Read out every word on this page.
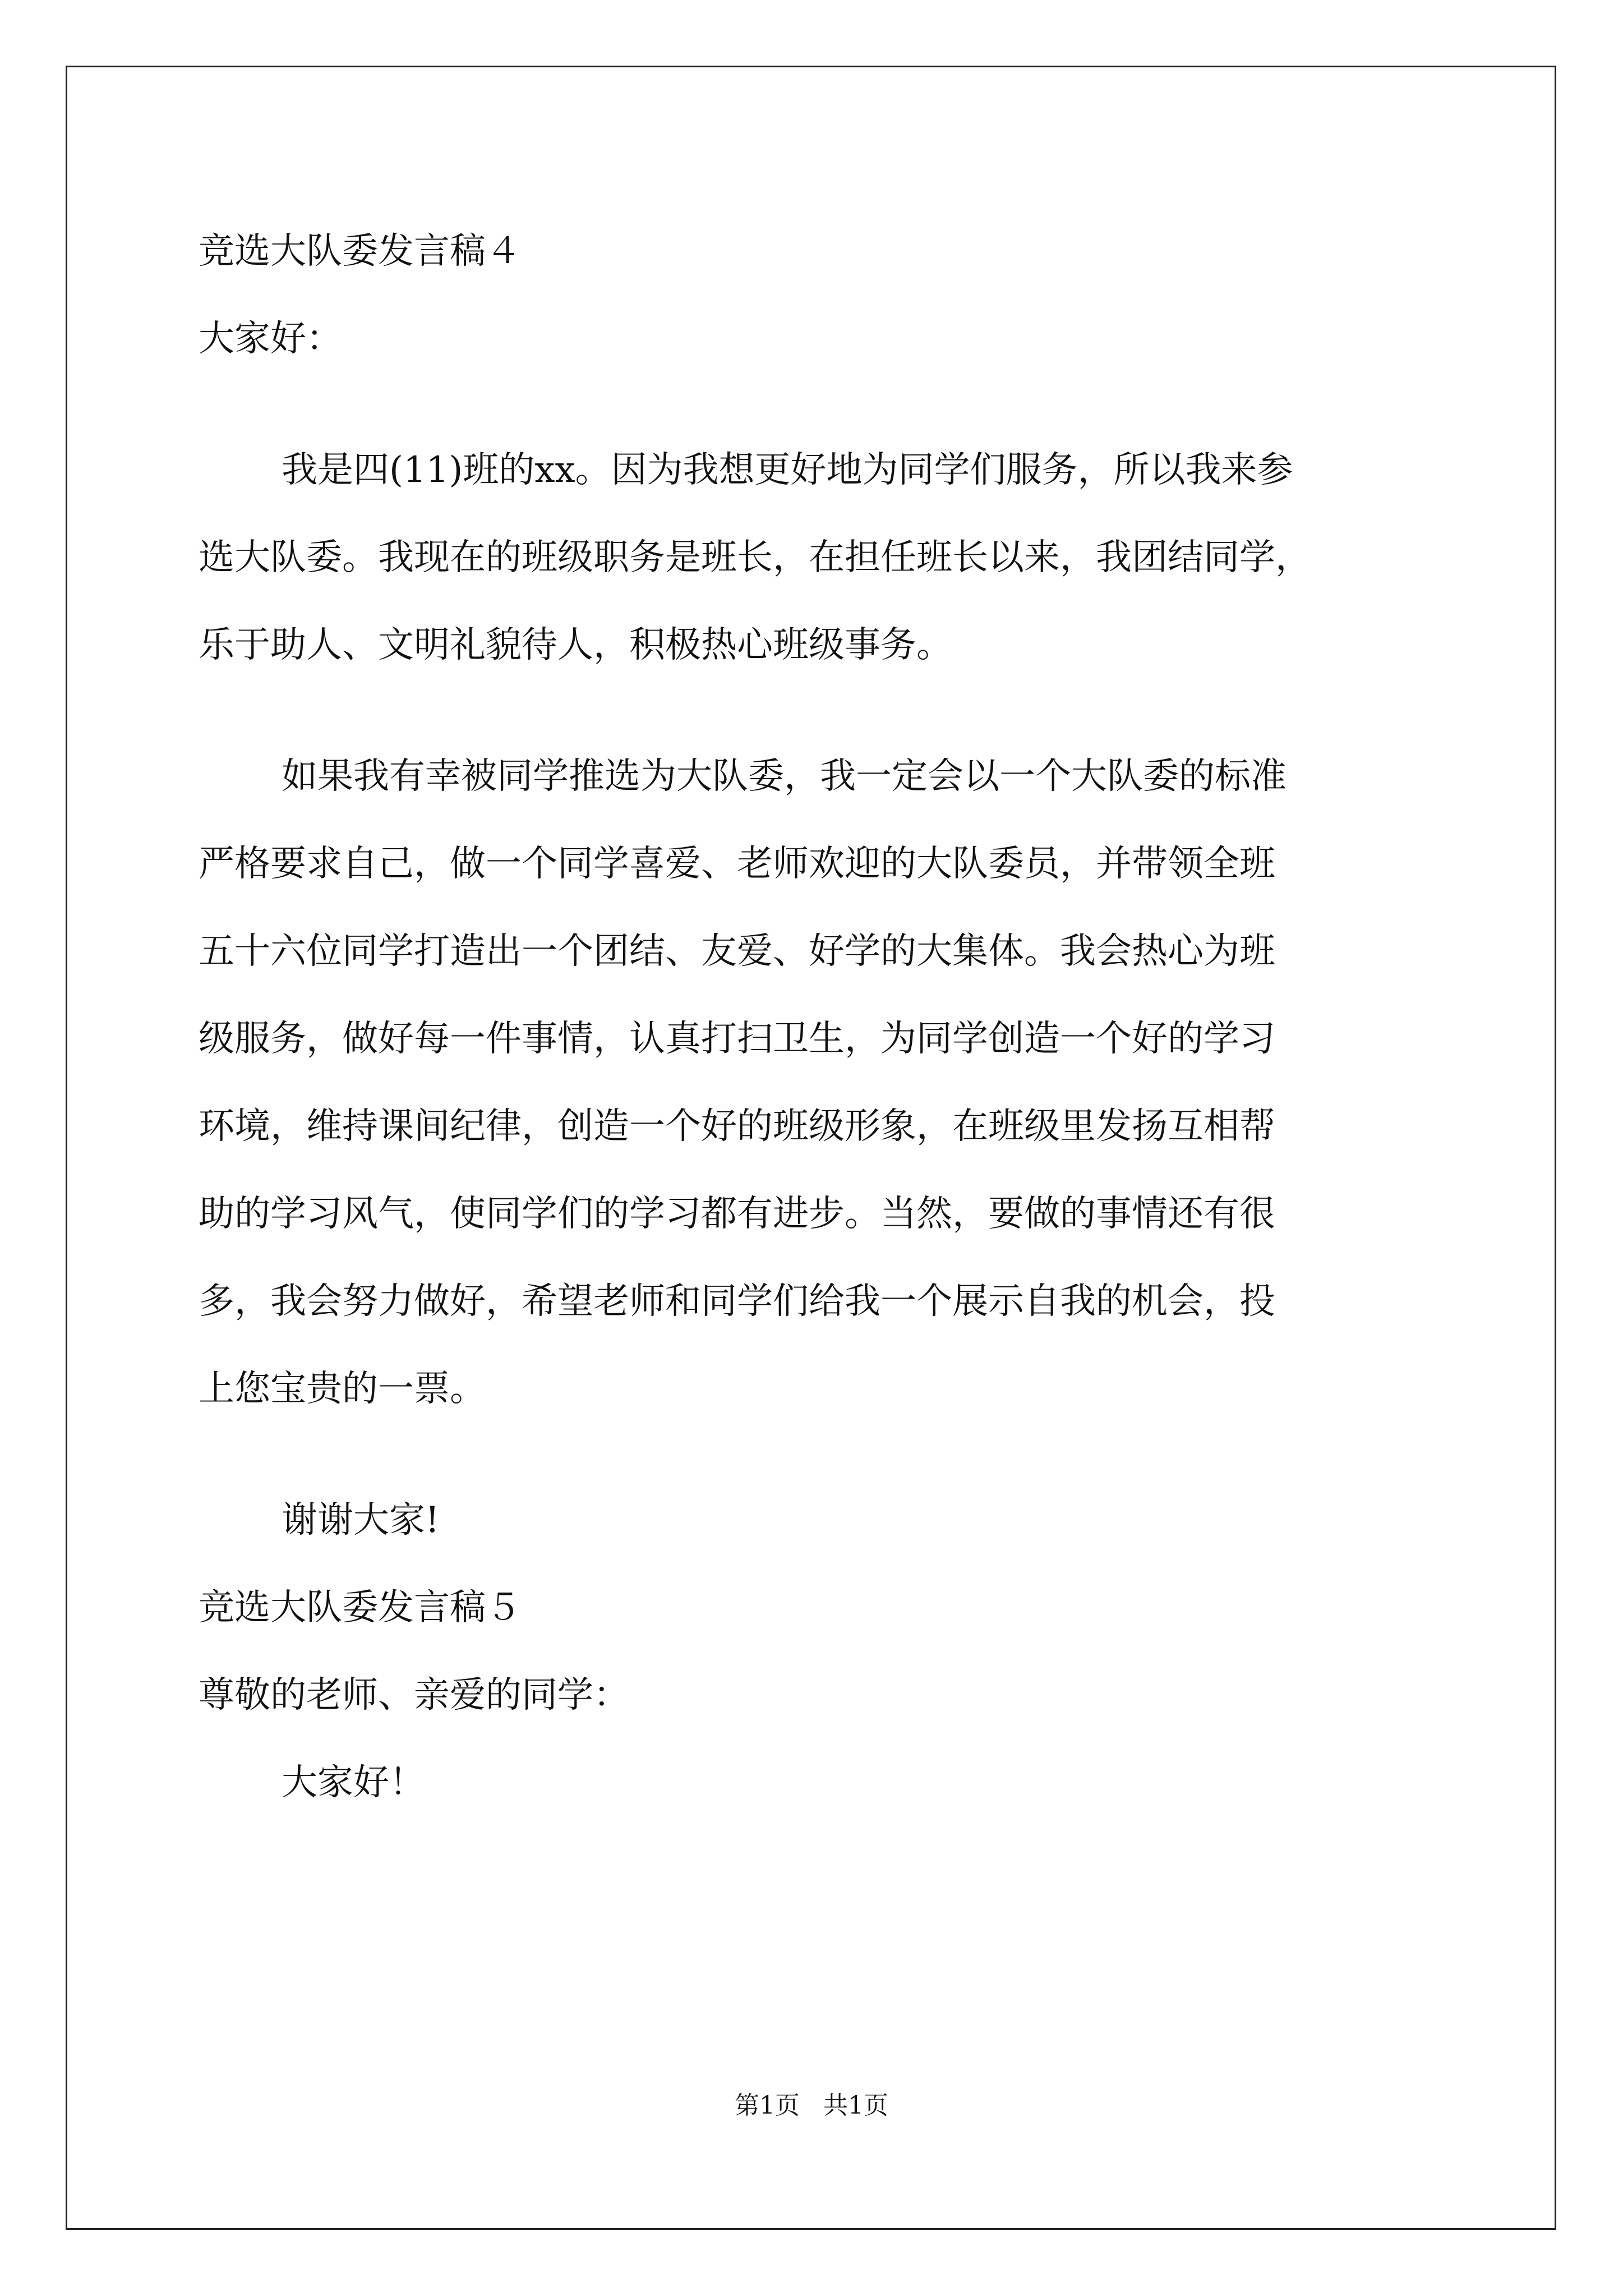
竞选大队委发言稿４
大家好：
我是四(11)班的xx。因为我想更好地为同学们服务，所以我来参
选大队委。我现在的班级职务是班长，在担任班长以来，我团结同学，
乐于助人、文明礼貌待人，积极热心班级事务。
如果我有幸被同学推选为大队委，我一定会以一个大队委的标准
严格要求自己，做一个同学喜爱、老师欢迎的大队委员，并带领全班
五十六位同学打造出一个团结、友爱、好学的大集体。我会热心为班
级服务，做好每一件事情，认真打扫卫生，为同学创造一个好的学习
环境，维持课间纪律，创造一个好的班级形象，在班级里发扬互相帮
助的学习风气，使同学们的学习都有进步。当然，要做的事情还有很
多，我会努力做好，希望老师和同学们给我一个展示自我的机会，投
上您宝贵的一票。
谢谢大家!
竞选大队委发言稿５
尊敬的老师、亲爱的同学：
大家好！
第1页   共1页
